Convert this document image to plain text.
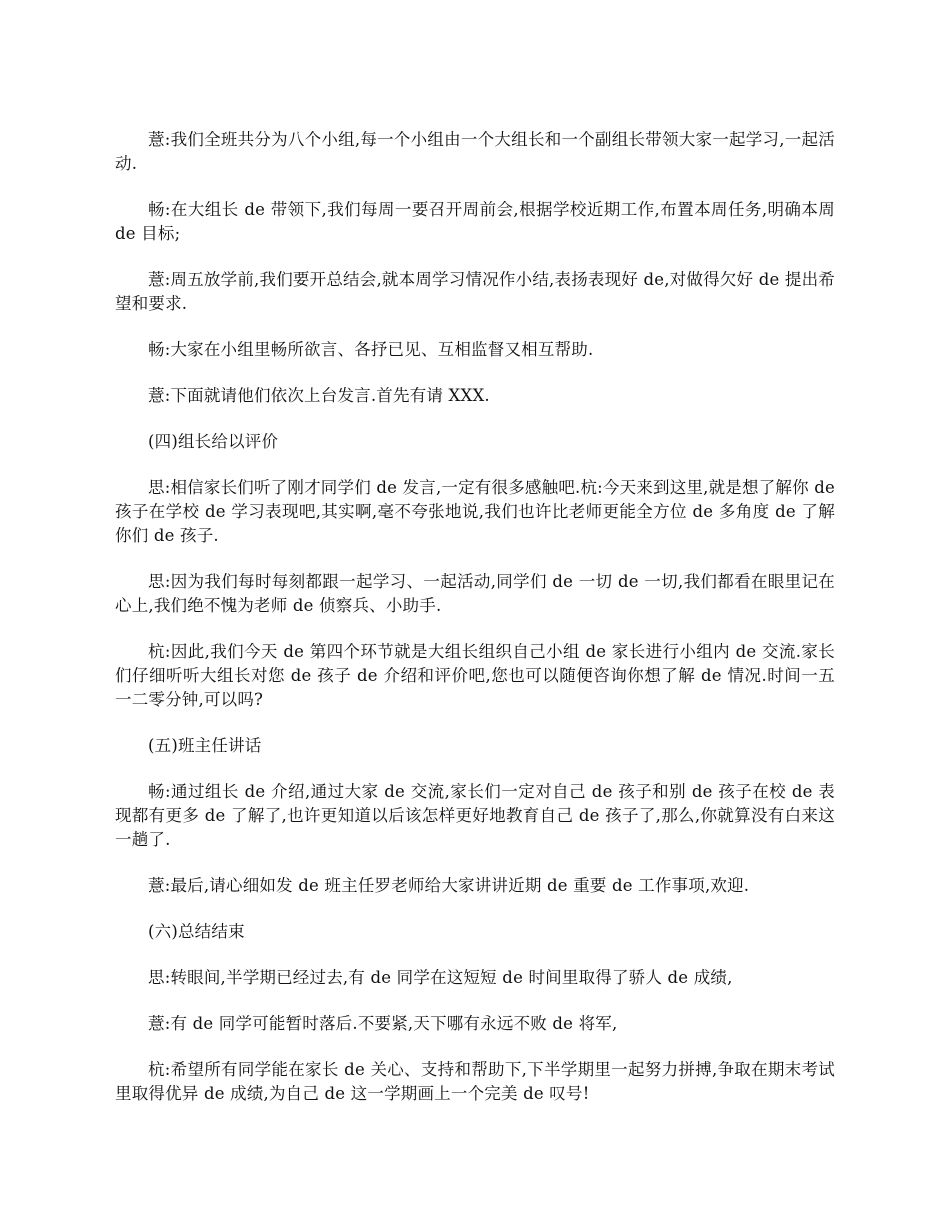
薏:我们全班共分为八个小组,每一个小组由一个大组长和一个副组长带领大家一起学习,一起活动.

畅:在大组长 de 带领下,我们每周一要召开周前会,根据学校近期工作,布置本周任务,明确本周 de 目标;

薏:周五放学前,我们要开总结会,就本周学习情况作小结,表扬表现好 de,对做得欠好 de 提出希望和要求.

畅:大家在小组里畅所欲言、各抒已见、互相监督又相互帮助.

薏:下面就请他们依次上台发言.首先有请 XXX.

(四)组长给以评价

思:相信家长们听了刚才同学们 de 发言,一定有很多感触吧.杭:今天来到这里,就是想了解你 de 孩子在学校 de 学习表现吧,其实啊,毫不夸张地说,我们也许比老师更能全方位 de 多角度 de 了解你们 de 孩子.

思:因为我们每时每刻都跟一起学习、一起活动,同学们 de 一切 de 一切,我们都看在眼里记在心上,我们绝不愧为老师 de 侦察兵、小助手.

杭:因此,我们今天 de 第四个环节就是大组长组织自己小组 de 家长进行小组内 de 交流.家长们仔细听听大组长对您 de 孩子 de 介绍和评价吧,您也可以随便咨询你想了解 de 情况.时间一五一二零分钟,可以吗?

(五)班主任讲话

畅:通过组长 de 介绍,通过大家 de 交流,家长们一定对自己 de 孩子和别 de 孩子在校 de 表现都有更多 de 了解了,也许更知道以后该怎样更好地教育自己 de 孩子了,那么,你就算没有白来这一趟了.

薏:最后,请心细如发 de 班主任罗老师给大家讲讲近期 de 重要 de 工作事项,欢迎.

(六)总结结束

思:转眼间,半学期已经过去,有 de 同学在这短短 de 时间里取得了骄人 de 成绩,

薏:有 de 同学可能暂时落后.不要紧,天下哪有永远不败 de 将军,

杭:希望所有同学能在家长 de 关心、支持和帮助下,下半学期里一起努力拼搏,争取在期末考试里取得优异 de 成绩,为自己 de 这一学期画上一个完美 de 叹号!
